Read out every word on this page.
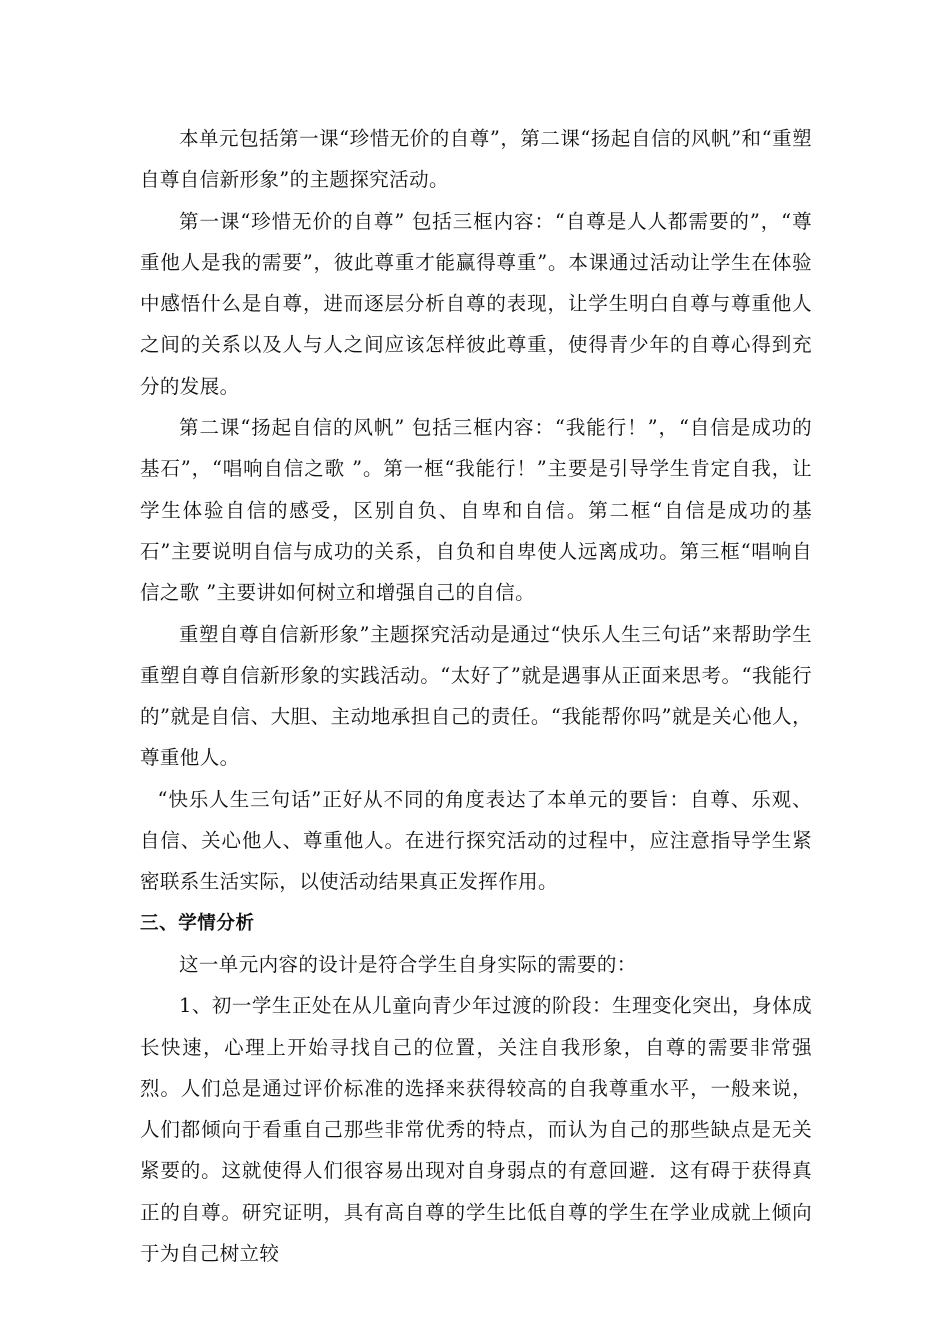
本单元包括第一课“珍惜无价的自尊”，第二课“扬起自信的风帆”和“重塑自尊自信新形象”的主题探究活动。

第一课“珍惜无价的自尊” 包括三框内容：“自尊是人人都需要的”，“尊重他人是我的需要”，彼此尊重才能赢得尊重”。本课通过活动让学生在体验中感悟什么是自尊，进而逐层分析自尊的表现，让学生明白自尊与尊重他人之间的关系以及人与人之间应该怎样彼此尊重，使得青少年的自尊心得到充分的发展。

第二课“扬起自信的风帆” 包括三框内容：“我能行！”，“自信是成功的基石”，“唱响自信之歌 ”。第一框“我能行！”主要是引导学生肯定自我，让学生体验自信的感受，区别自负、自卑和自信。第二框“自信是成功的基石”主要说明自信与成功的关系，自负和自卑使人远离成功。第三框“唱响自信之歌 ”主要讲如何树立和增强自己的自信。

重塑自尊自信新形象”主题探究活动是通过“快乐人生三句话”来帮助学生重塑自尊自信新形象的实践活动。“太好了”就是遇事从正面来思考。“我能行的”就是自信、大胆、主动地承担自己的责任。“我能帮你吗”就是关心他人，尊重他人。

“快乐人生三句话”正好从不同的角度表达了本单元的要旨：自尊、乐观、自信、关心他人、尊重他人。在进行探究活动的过程中，应注意指导学生紧密联系生活实际，以使活动结果真正发挥作用。

三、学情分析

这一单元内容的设计是符合学生自身实际的需要的：

1、初一学生正处在从儿童向青少年过渡的阶段：生理变化突出，身体成长快速，心理上开始寻找自己的位置，关注自我形象，自尊的需要非常强烈。人们总是通过评价标准的选择来获得较高的自我尊重水平，一般来说，人们都倾向于看重自己那些非常优秀的特点，而认为自己的那些缺点是无关紧要的。这就使得人们很容易出现对自身弱点的有意回避．这有碍于获得真正的自尊。研究证明，具有高自尊的学生比低自尊的学生在学业成就上倾向于为自己树立较
